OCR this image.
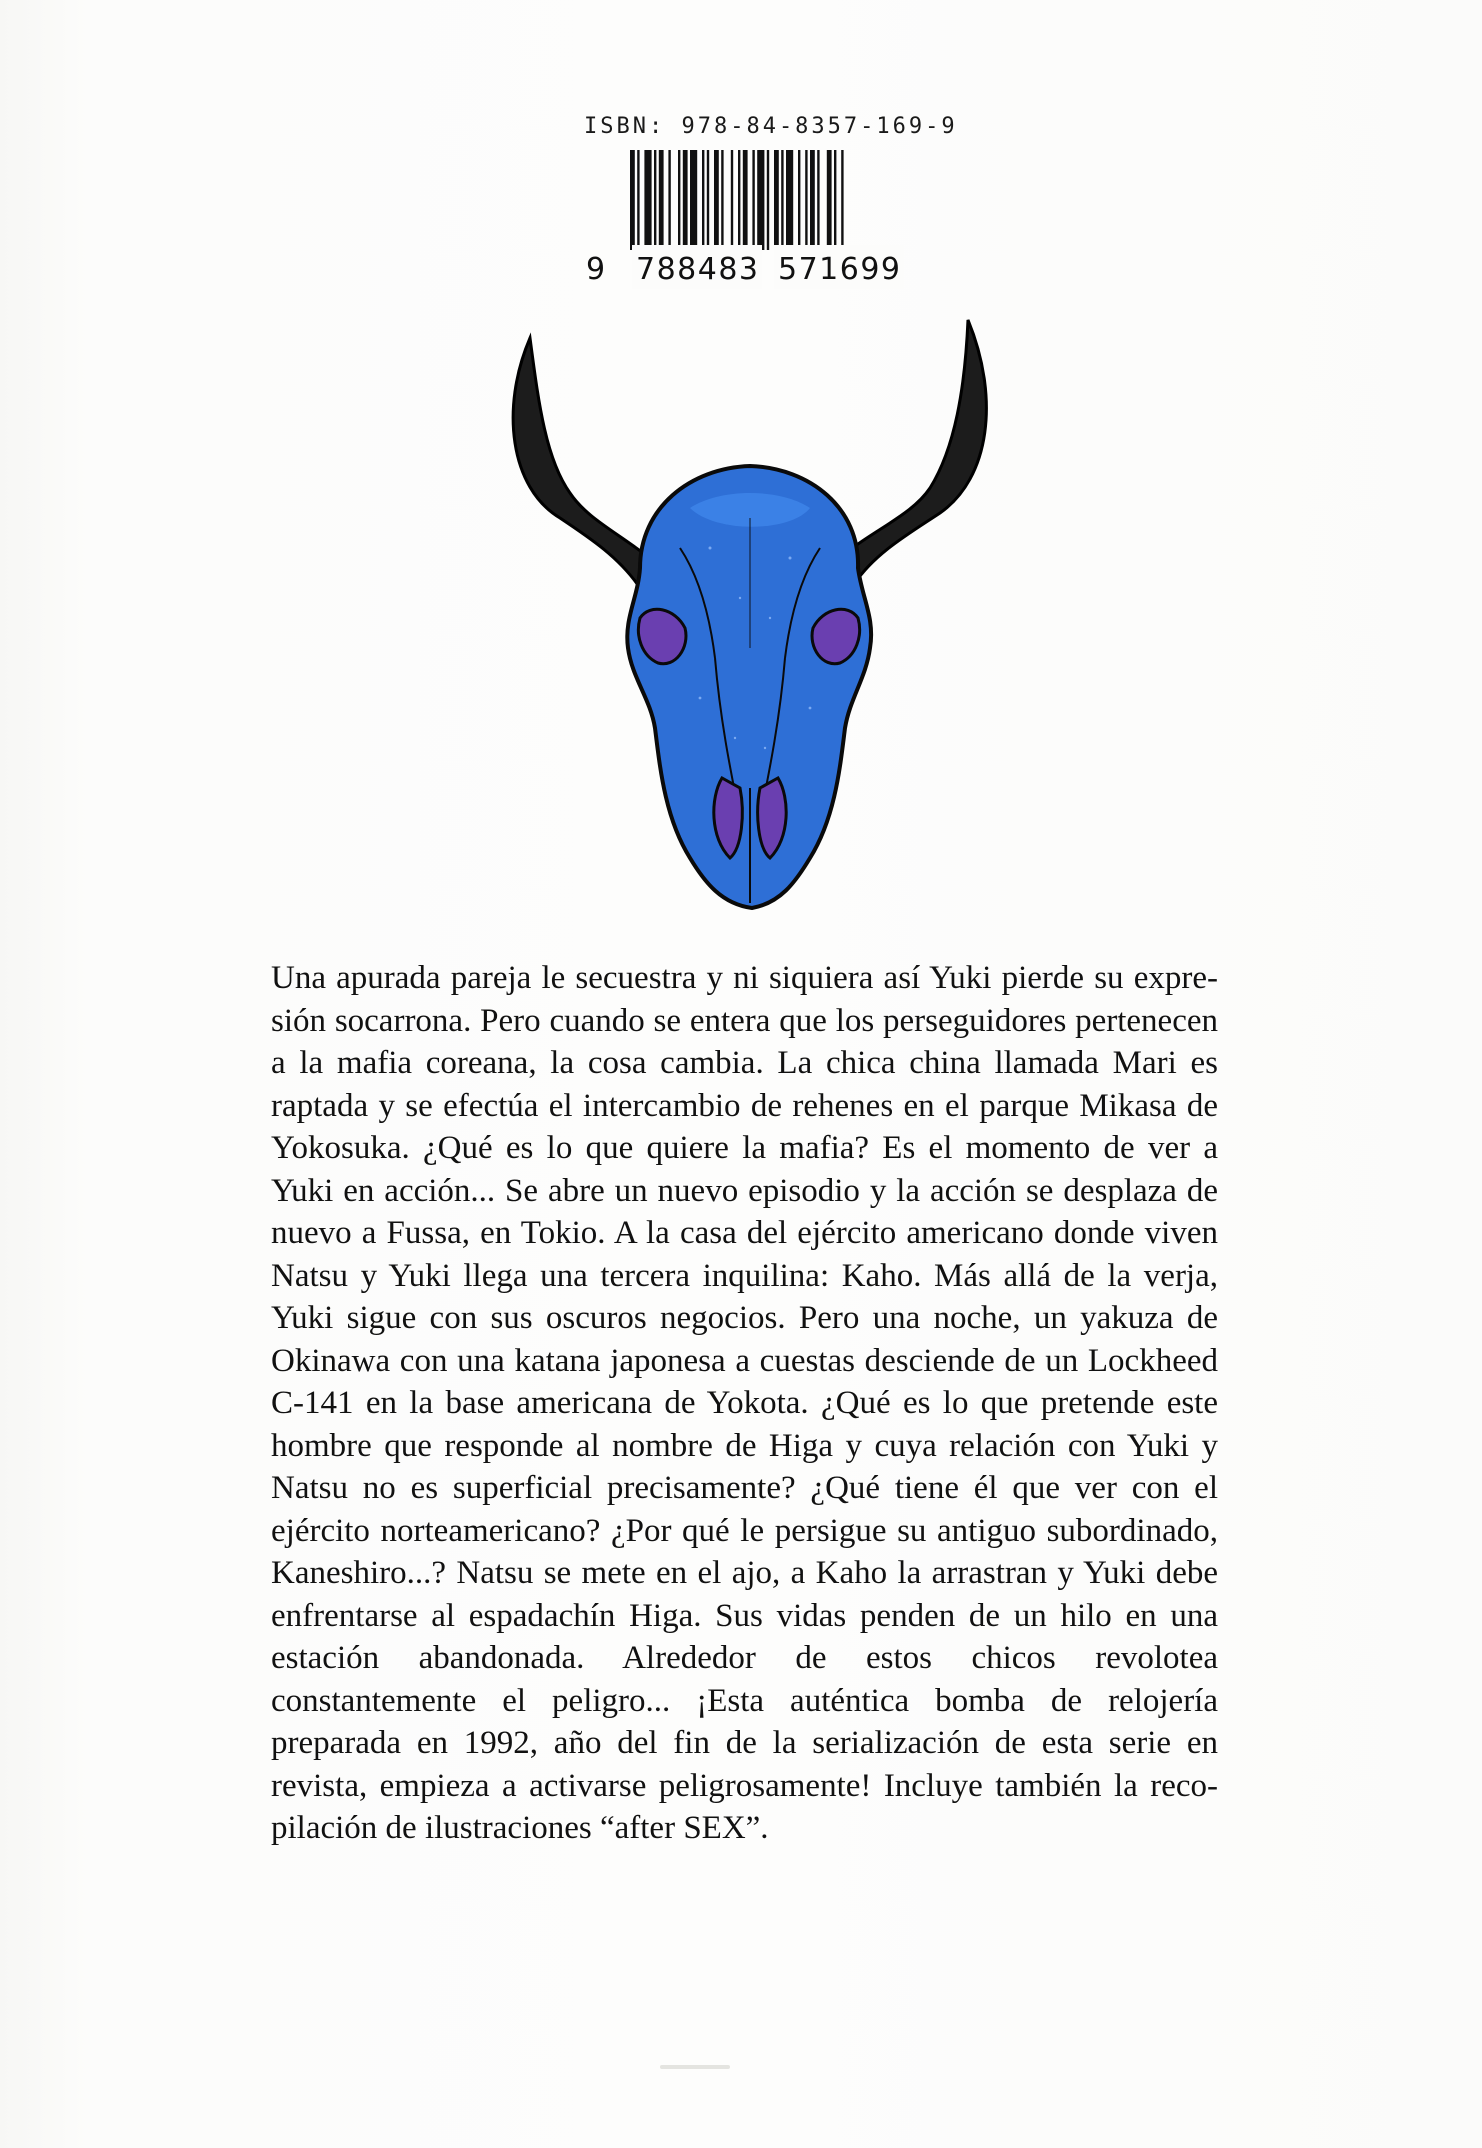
ISBN: 978-84-8357-169-9
9 788483 571699

Una apurada pareja le secuestra y ni siquiera así Yuki pierde su expresión socarrona. Pero cuando se entera que los perseguidores pertenecen a la mafia coreana, la cosa cambia. La chica china llamada Mari es raptada y se efectúa el intercambio de rehenes en el parque Mikasa de Yokosuka. ¿Qué es lo que quiere la mafia? Es el momento de ver a Yuki en acción... Se abre un nuevo episodio y la acción se desplaza de nuevo a Fussa, en Tokio. A la casa del ejército americano donde viven Natsu y Yuki llega una tercera inquilina: Kaho. Más allá de la verja, Yuki sigue con sus oscuros negocios. Pero una noche, un yakuza de Okinawa con una katana japonesa a cuestas desciende de un Lockheed C-141 en la base americana de Yokota. ¿Qué es lo que pretende este hombre que responde al nombre de Higa y cuya relación con Yuki y Natsu no es superficial precisamente? ¿Qué tiene él que ver con el ejército norteamericano? ¿Por qué le persigue su antiguo subordinado, Kaneshiro...? Natsu se mete en el ajo, a Kaho la arrastran y Yuki debe enfrentarse al espadachín Higa. Sus vidas penden de un hilo en una estación abandonada. Alrededor de estos chicos revolotea constantemente el peligro... ¡Esta auténtica bomba de relojería preparada en 1992, año del fin de la serialización de esta serie en revista, empieza a activarse peligrosamente! Incluye también la recopilación de ilustraciones “after SEX”.
